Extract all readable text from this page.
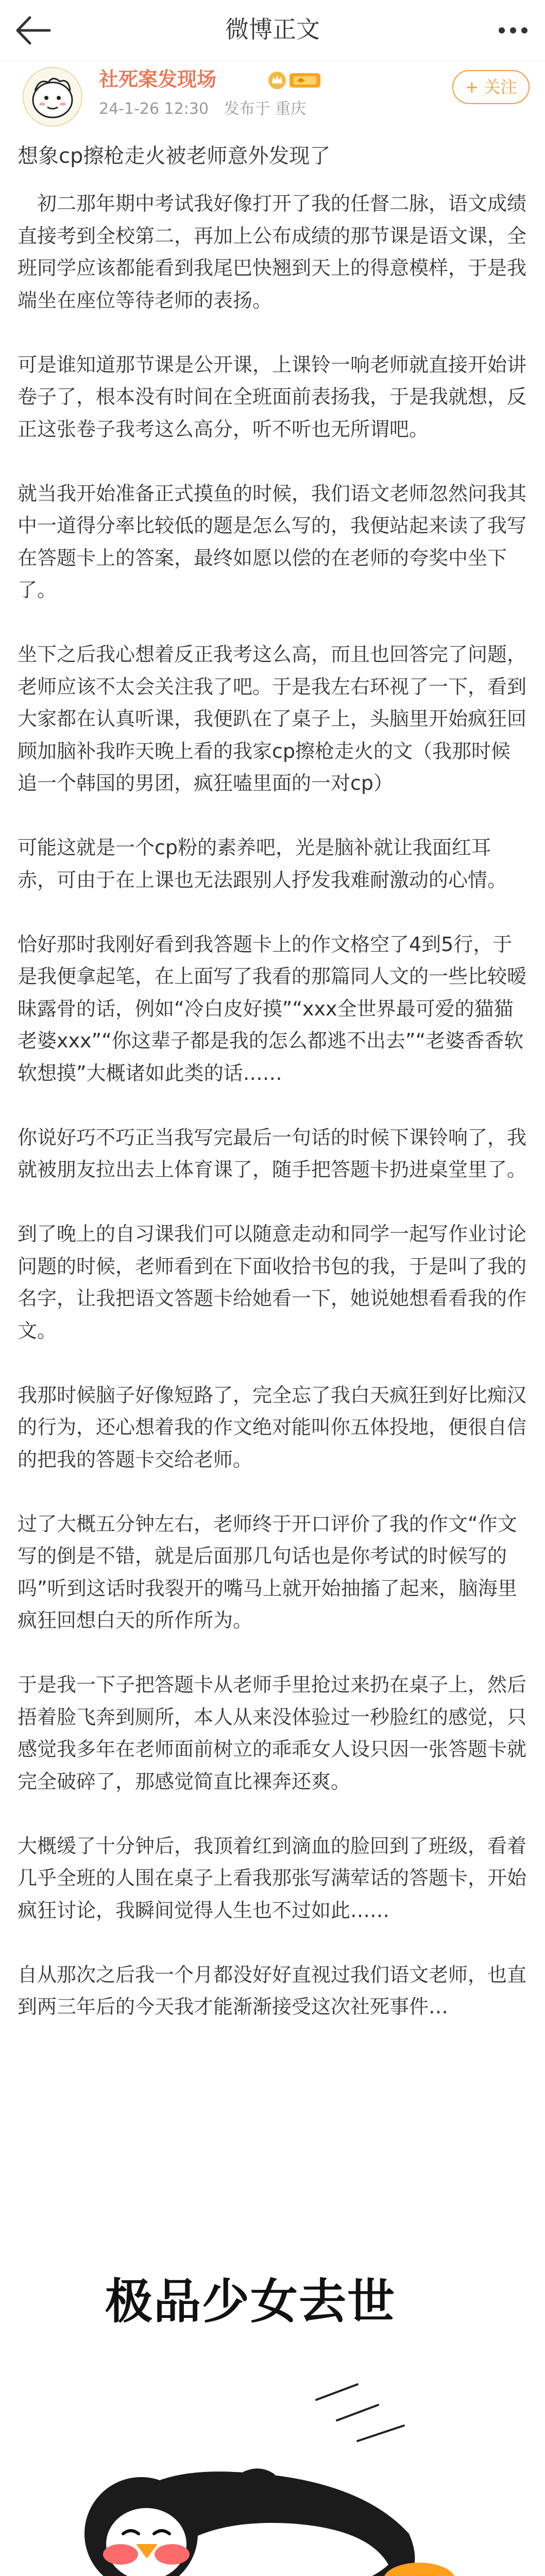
微博正文
社死案发现场
24-1-26 12:30 发布于 重庆
+ 关注
想象cp擦枪走火被老师意外发现了

初二那年期中考试我好像打开了我的任督二脉，语文成绩直接考到全校第二，再加上公布成绩的那节课是语文课，全班同学应该都能看到我尾巴快翘到天上的得意模样，于是我端坐在座位等待老师的表扬。

可是谁知道那节课是公开课，上课铃一响老师就直接开始讲卷子了，根本没有时间在全班面前表扬我，于是我就想，反正这张卷子我考这么高分，听不听也无所谓吧。

就当我开始准备正式摸鱼的时候，我们语文老师忽然问我其中一道得分率比较低的题是怎么写的，我便站起来读了我写在答题卡上的答案，最终如愿以偿的在老师的夸奖中坐下了。

坐下之后我心想着反正我考这么高，而且也回答完了问题，老师应该不太会关注我了吧。于是我左右环视了一下，看到大家都在认真听课，我便趴在了桌子上，头脑里开始疯狂回顾加脑补我昨天晚上看的我家cp擦枪走火的文（我那时候追一个韩国的男团，疯狂嗑里面的一对cp）

可能这就是一个cp粉的素养吧，光是脑补就让我面红耳赤，可由于在上课也无法跟别人抒发我难耐激动的心情。

恰好那时我刚好看到我答题卡上的作文格空了4到5行，于是我便拿起笔，在上面写了我看的那篇同人文的一些比较暧昧露骨的话，例如“冷白皮好摸”“xxx全世界最可爱的猫猫老婆xxx”“你这辈子都是我的怎么都逃不出去”“老婆香香软软想摸”大概诸如此类的话……

你说好巧不巧正当我写完最后一句话的时候下课铃响了，我就被朋友拉出去上体育课了，随手把答题卡扔进桌堂里了。

到了晚上的自习课我们可以随意走动和同学一起写作业讨论问题的时候，老师看到在下面收拾书包的我，于是叫了我的名字，让我把语文答题卡给她看一下，她说她想看看我的作文。

我那时候脑子好像短路了，完全忘了我白天疯狂到好比痴汉的行为，还心想着我的作文绝对能叫你五体投地，便很自信的把我的答题卡交给老师。

过了大概五分钟左右，老师终于开口评价了我的作文“作文写的倒是不错，就是后面那几句话也是你考试的时候写的吗”听到这话时我裂开的嘴马上就开始抽搐了起来，脑海里疯狂回想白天的所作所为。

于是我一下子把答题卡从老师手里抢过来扔在桌子上，然后捂着脸飞奔到厕所，本人从来没体验过一秒脸红的感觉，只感觉我多年在老师面前树立的乖乖女人设只因一张答题卡就完全破碎了，那感觉简直比裸奔还爽。

大概缓了十分钟后，我顶着红到滴血的脸回到了班级，看着几乎全班的人围在桌子上看我那张写满荤话的答题卡，开始疯狂讨论，我瞬间觉得人生也不过如此……

自从那次之后我一个月都没好好直视过我们语文老师，也直到两三年后的今天我才能渐渐接受这次社死事件…

极品少女去世
